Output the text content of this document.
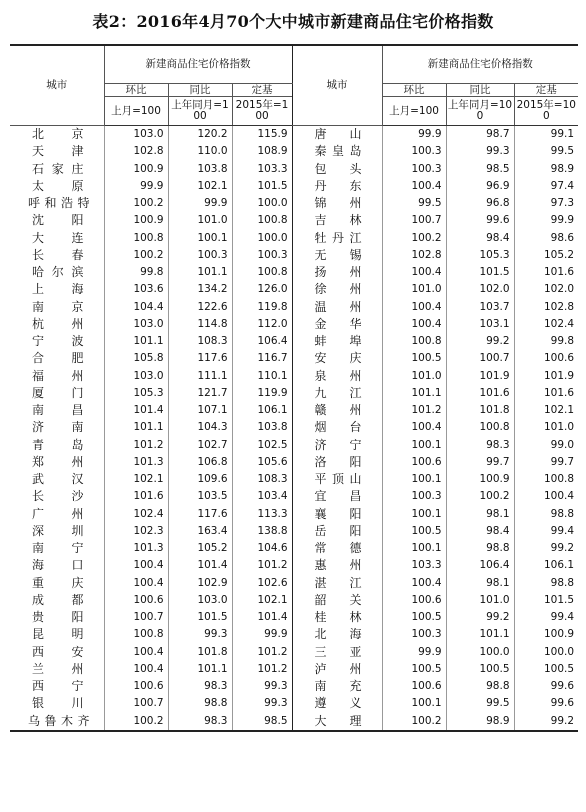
表2：2016年4月70个大中城市新建商品住宅价格指数
城市	新建商品住宅价格指数			城市	新建商品住宅价格指数		
	环比	同比	定基		环比	同比	定基
	上月=100	上年同月=100	2015年=100		上月=100	上年同月=100	2015年=100
北　京	103.0	120.2	115.9	唐　山	99.9	98.7	99.1
天　津	102.8	110.0	108.9	秦皇岛	100.3	99.3	99.5
石家庄	100.9	103.8	103.3	包　头	100.3	98.5	98.9
太　原	99.9	102.1	101.5	丹　东	100.4	96.9	97.4
呼和浩特	100.2	99.9	100.0	锦　州	99.5	96.8	97.3
沈　阳	100.9	101.0	100.8	吉　林	100.7	99.6	99.9
大　连	100.8	100.1	100.0	牡丹江	100.2	98.4	98.6
长　春	100.2	100.3	100.3	无　锡	102.8	105.3	105.2
哈尔滨	99.8	101.1	100.8	扬　州	100.4	101.5	101.6
上　海	103.6	134.2	126.0	徐　州	101.0	102.0	102.0
南　京	104.4	122.6	119.8	温　州	100.4	103.7	102.8
杭　州	103.0	114.8	112.0	金　华	100.4	103.1	102.4
宁　波	101.1	108.3	106.4	蚌　埠	100.8	99.2	99.8
合　肥	105.8	117.6	116.7	安　庆	100.5	100.7	100.6
福　州	103.0	111.1	110.1	泉　州	101.0	101.9	101.9
厦　门	105.3	121.7	119.9	九　江	101.1	101.6	101.6
南　昌	101.4	107.1	106.1	赣　州	101.2	101.8	102.1
济　南	101.1	104.3	103.8	烟　台	100.4	100.8	101.0
青　岛	101.2	102.7	102.5	济　宁	100.1	98.3	99.0
郑　州	101.3	106.8	105.6	洛　阳	100.6	99.7	99.7
武　汉	102.1	109.6	108.3	平顶山	100.1	100.9	100.8
长　沙	101.6	103.5	103.4	宜　昌	100.3	100.2	100.4
广　州	102.4	117.6	113.3	襄　阳	100.1	98.1	98.8
深　圳	102.3	163.4	138.8	岳　阳	100.5	98.4	99.4
南　宁	101.3	105.2	104.6	常　德	100.1	98.8	99.2
海　口	100.4	101.4	101.2	惠　州	103.3	106.4	106.1
重　庆	100.4	102.9	102.6	湛　江	100.4	98.1	98.8
成　都	100.6	103.0	102.1	韶　关	100.6	101.0	101.5
贵　阳	100.7	101.5	101.4	桂　林	100.5	99.2	99.4
昆　明	100.8	99.3	99.9	北　海	100.3	101.1	100.9
西　安	100.4	101.8	101.2	三　亚	99.9	100.0	100.0
兰　州	100.4	101.1	101.2	泸　州	100.5	100.5	100.5
西　宁	100.6	98.3	99.3	南　充	100.6	98.8	99.6
银　川	100.7	98.8	99.3	遵　义	100.1	99.5	99.6
乌鲁木齐	100.2	98.3	98.5	大　理	100.2	98.9	99.2
